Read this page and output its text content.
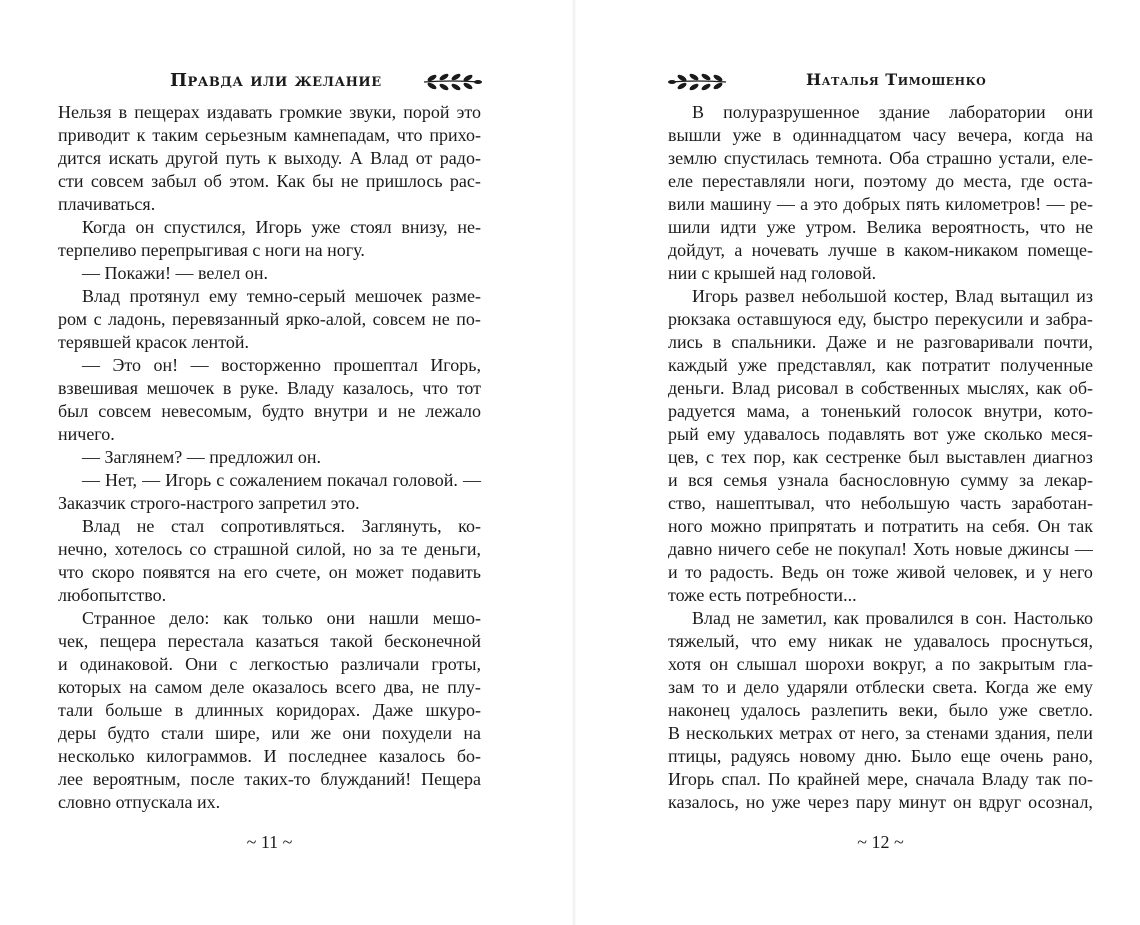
Правда или желание
Нельзя в пещерах издавать громкие звуки, порой это
приводит к таким серьезным камнепадам, что прихо-
дится искать другой путь к выходу. А Влад от радо-
сти совсем забыл об этом. Как бы не пришлось рас-
плачиваться.
Когда он спустился, Игорь уже стоял внизу, не-
терпеливо перепрыгивая с ноги на ногу.
— Покажи! — велел он.
Влад протянул ему темно-серый мешочек разме-
ром с ладонь, перевязанный ярко-алой, совсем не по-
терявшей красок лентой.
— Это он! — восторженно прошептал Игорь,
взвешивая мешочек в руке. Владу казалось, что тот
был совсем невесомым, будто внутри и не лежало
ничего.
— Заглянем? — предложил он.
— Нет, — Игорь с сожалением покачал головой. —
Заказчик строго-настрого запретил это.
Влад не стал сопротивляться. Заглянуть, ко-
нечно, хотелось со страшной силой, но за те деньги,
что скоро появятся на его счете, он может подавить
любопытство.
Странное дело: как только они нашли мешо-
чек, пещера перестала казаться такой бесконечной
и одинаковой. Они с легкостью различали гроты,
которых на самом деле оказалось всего два, не плу-
тали больше в длинных коридорах. Даже шкуро-
деры будто стали шире, или же они похудели на
несколько килограммов. И последнее казалось бо-
лее вероятным, после таких-то блужданий! Пещера
словно отпускала их.
~ 11 ~
Наталья Тимошенко
В полуразрушенное здание лаборатории они
вышли уже в одиннадцатом часу вечера, когда на
землю спустилась темнота. Оба страшно устали, еле-
еле переставляли ноги, поэтому до места, где оста-
вили машину — а это добрых пять километров! — ре-
шили идти уже утром. Велика вероятность, что не
дойдут, а ночевать лучше в каком-никаком помеще-
нии с крышей над головой.
Игорь развел небольшой костер, Влад вытащил из
рюкзака оставшуюся еду, быстро перекусили и забра-
лись в спальники. Даже и не разговаривали почти,
каждый уже представлял, как потратит полученные
деньги. Влад рисовал в собственных мыслях, как об-
радуется мама, а тоненький голосок внутри, кото-
рый ему удавалось подавлять вот уже сколько меся-
цев, с тех пор, как сестренке был выставлен диагноз
и вся семья узнала баснословную сумму за лекар-
ство, нашептывал, что небольшую часть заработан-
ного можно припрятать и потратить на себя. Он так
давно ничего себе не покупал! Хоть новые джинсы —
и то радость. Ведь он тоже живой человек, и у него
тоже есть потребности...
Влад не заметил, как провалился в сон. Настолько
тяжелый, что ему никак не удавалось проснуться,
хотя он слышал шорохи вокруг, а по закрытым гла-
зам то и дело ударяли отблески света. Когда же ему
наконец удалось разлепить веки, было уже светло.
В нескольких метрах от него, за стенами здания, пели
птицы, радуясь новому дню. Было еще очень рано,
Игорь спал. По крайней мере, сначала Владу так по-
казалось, но уже через пару минут он вдруг осознал,
~ 12 ~
